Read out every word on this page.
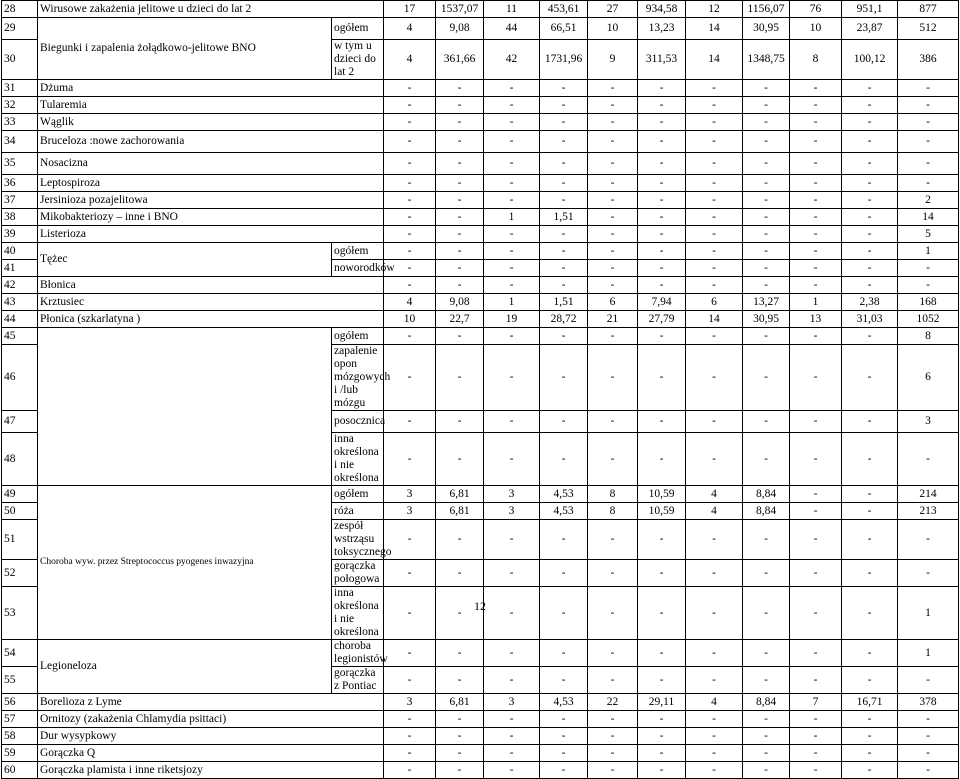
28	Wirusowe zakażenia jelitowe u dzieci do lat 2		17	1537,07	11	453,61	27	934,58	12	1156,07	76	951,1	877	
29	Biegunki i zapalenia żołądkowo-jelitowe BNO	ogółem	4	9,08	44	66,51	10	13,23	14	30,95	10	23,87	512	
30		w tym u dzieci do lat 2	4	361,66	42	1731,96	9	311,53	14	1348,75	8	100,12	386	
31	Dżuma		-	-	-	-	-	-	-	-	-	-	-	
32	Tularemia		-	-	-	-	-	-	-	-	-	-	-	
33	Wąglik		-	-	-	-	-	-	-	-	-	-	-	
34	Bruceloza :nowe zachorowania		-	-	-	-	-	-	-	-	-	-	-	
35	Nosacizna		-	-	-	-	-	-	-	-	-	-	-	
36	Leptospiroza		-	-	-	-	-	-	-	-	-	-	-	
37	Jersinioza pozajelitowa		-	-	-	-	-	-	-	-	-	-	2	
38	Mikobakteriozy – inne i BNO		-	-	1	1,51	-	-	-	-	-	-	14	
39	Listerioza		-	-	-	-	-	-	-	-	-	-	5	
40	Tężec	ogółem	-	-	-	-	-	-	-	-	-	-	1	
41		noworodków	-	-	-	-	-	-	-	-	-	-	-	
42	Błonica		-	-	-	-	-	-	-	-	-	-	-	
43	Krztusiec		4	9,08	1	1,51	6	7,94	6	13,27	1	2,38	168	
44	Płonica (szkarlatyna )		10	22,7	19	28,72	21	27,79	14	30,95	13	31,03	1052	
45		ogółem	-	-	-	-	-	-	-	-	-	-	8	
46		zapalenie opon mózgowych i /lub mózgu	-	-	-	-	-	-	-	-	-	-	6	
47		posocznica	-	-	-	-	-	-	-	-	-	-	3	
48		inna określona i nie określona	-	-	-	-	-	-	-	-	-	-	-	
49	Choroba wyw. przez Streptococcus pyogenes inwazyjna	ogółem	3	6,81	3	4,53	8	10,59	4	8,84	-	-	214	
50		róża	3	6,81	3	4,53	8	10,59	4	8,84	-	-	213	
51		zespół wstrząsu toksycznego	-	-	-	-	-	-	-	-	-	-	-	
52		gorączka połogowa	-	-	-	-	-	-	-	-	-	-	-	
53		inna określona i nie określona	-	-	-	-	-	-	-	-	-	-	1	
54	Legioneloza	choroba legionistów	-	-	-	-	-	-	-	-	-	-	1	
55		gorączka z Pontiac	-	-	-	-	-	-	-	-	-	-	-	
56	Borelioza z Lyme		3	6,81	3	4,53	22	29,11	4	8,84	7	16,71	378	
57	Ornitozy (zakażenia Chlamydia psittaci)		-	-	-	-	-	-	-	-	-	-	-	
58	Dur wysypkowy		-	-	-	-	-	-	-	-	-	-	-	
59	Gorączka Q		-	-	-	-	-	-	-	-	-	-	-	
60	Gorączka plamista i inne riketsjozy		-	-	-	-	-	-	-	-	-	-	-	
12
